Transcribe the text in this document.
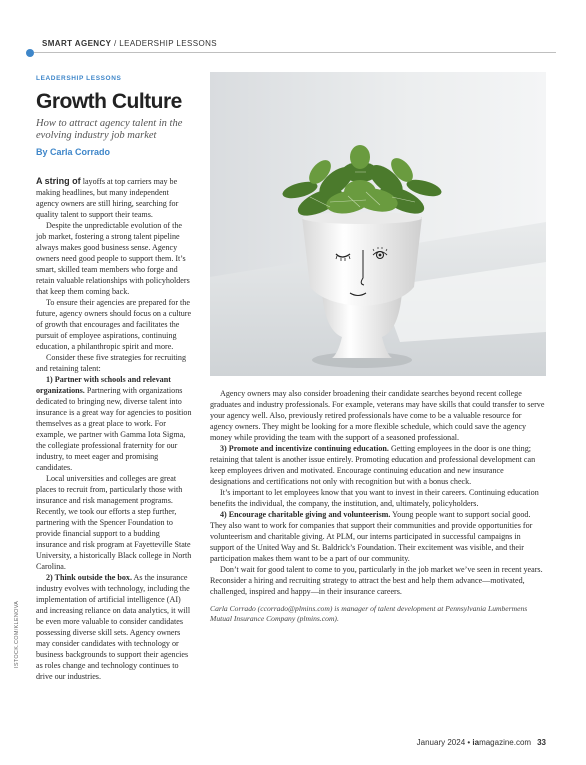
SMART AGENCY / LEADERSHIP LESSONS
LEADERSHIP LESSONS
Growth Culture
How to attract agency talent in the evolving industry job market
By Carla Corrado

A string of layoffs at top carriers may be making headlines, but many independent agency owners are still hiring, searching for quality talent to support their teams.

Despite the unpredictable evolution of the job market, fostering a strong talent pipeline always makes good business sense. Agency owners need good people to support them. It’s smart, skilled team members who forge and retain valuable relationships with policyholders that keep them coming back.

To ensure their agencies are prepared for the future, agency owners should focus on a culture of growth that encourages and facilitates the pursuit of employee aspirations, continuing education, a philanthropic spirit and more.

Consider these five strategies for recruiting and retaining talent:

1) Partner with schools and relevant organizations. Partnering with organizations dedicated to bringing new, diverse talent into insurance is a great way for agencies to position themselves as a great place to work. For example, we partner with Gamma Iota Sigma, the collegiate professional fraternity for our industry, to meet eager and promising candidates.

Local universities and colleges are great places to recruit from, particularly those with insurance and risk management programs. Recently, we took our efforts a step further, partnering with the Spencer Foundation to provide financial support to a budding insurance and risk program at Fayetteville State University, a historically Black college in North Carolina.

2) Think outside the box. As the insurance industry evolves with technology, including the implementation of artificial intelligence (AI) and increasing reliance on data analytics, it will be even more valuable to consider candidates possessing diverse skill sets. Agency owners may consider candidates with technology or business backgrounds to support their agencies as roles change and technology continues to drive our industries.

Agency owners may also consider broadening their candidate searches beyond recent college graduates and industry professionals. For example, veterans may have skills that could transfer to serve your agency well. Also, previously retired professionals have come to be a valuable resource for agency owners. They might be looking for a more flexible schedule, which could save the agency money while providing the team with the support of a seasoned professional.

3) Promote and incentivize continuing education. Getting employees in the door is one thing; retaining that talent is another issue entirely. Promoting education and professional development can keep employees driven and motivated. Encourage continuing education and new insurance designations and certifications not only with recognition but with a bonus check.

It’s important to let employees know that you want to invest in their careers. Continuing education benefits the individual, the company, the institution, and, ultimately, policyholders.

4) Encourage charitable giving and volunteerism. Young people want to support social good. They also want to work for companies that support their communities and provide opportunities for volunteerism and charitable giving. At PLM, our interns participated in successful campaigns in support of the United Way and St. Baldrick’s Foundation. Their excitement was visible, and their participation makes them want to be a part of our community.

Don’t wait for good talent to come to you, particularly in the job market we’ve seen in recent years. Reconsider a hiring and recruiting strategy to attract the best and help them advance—motivated, challenged, inspired and happy—in their insurance careers.

Carla Corrado (ccorrado@plmins.com) is manager of talent development at Pennsylvania Lumbermens Mutual Insurance Company (plmins.com).

ISTOCK.COM/KLENOVA
January 2024 • iamagazine.com 33
